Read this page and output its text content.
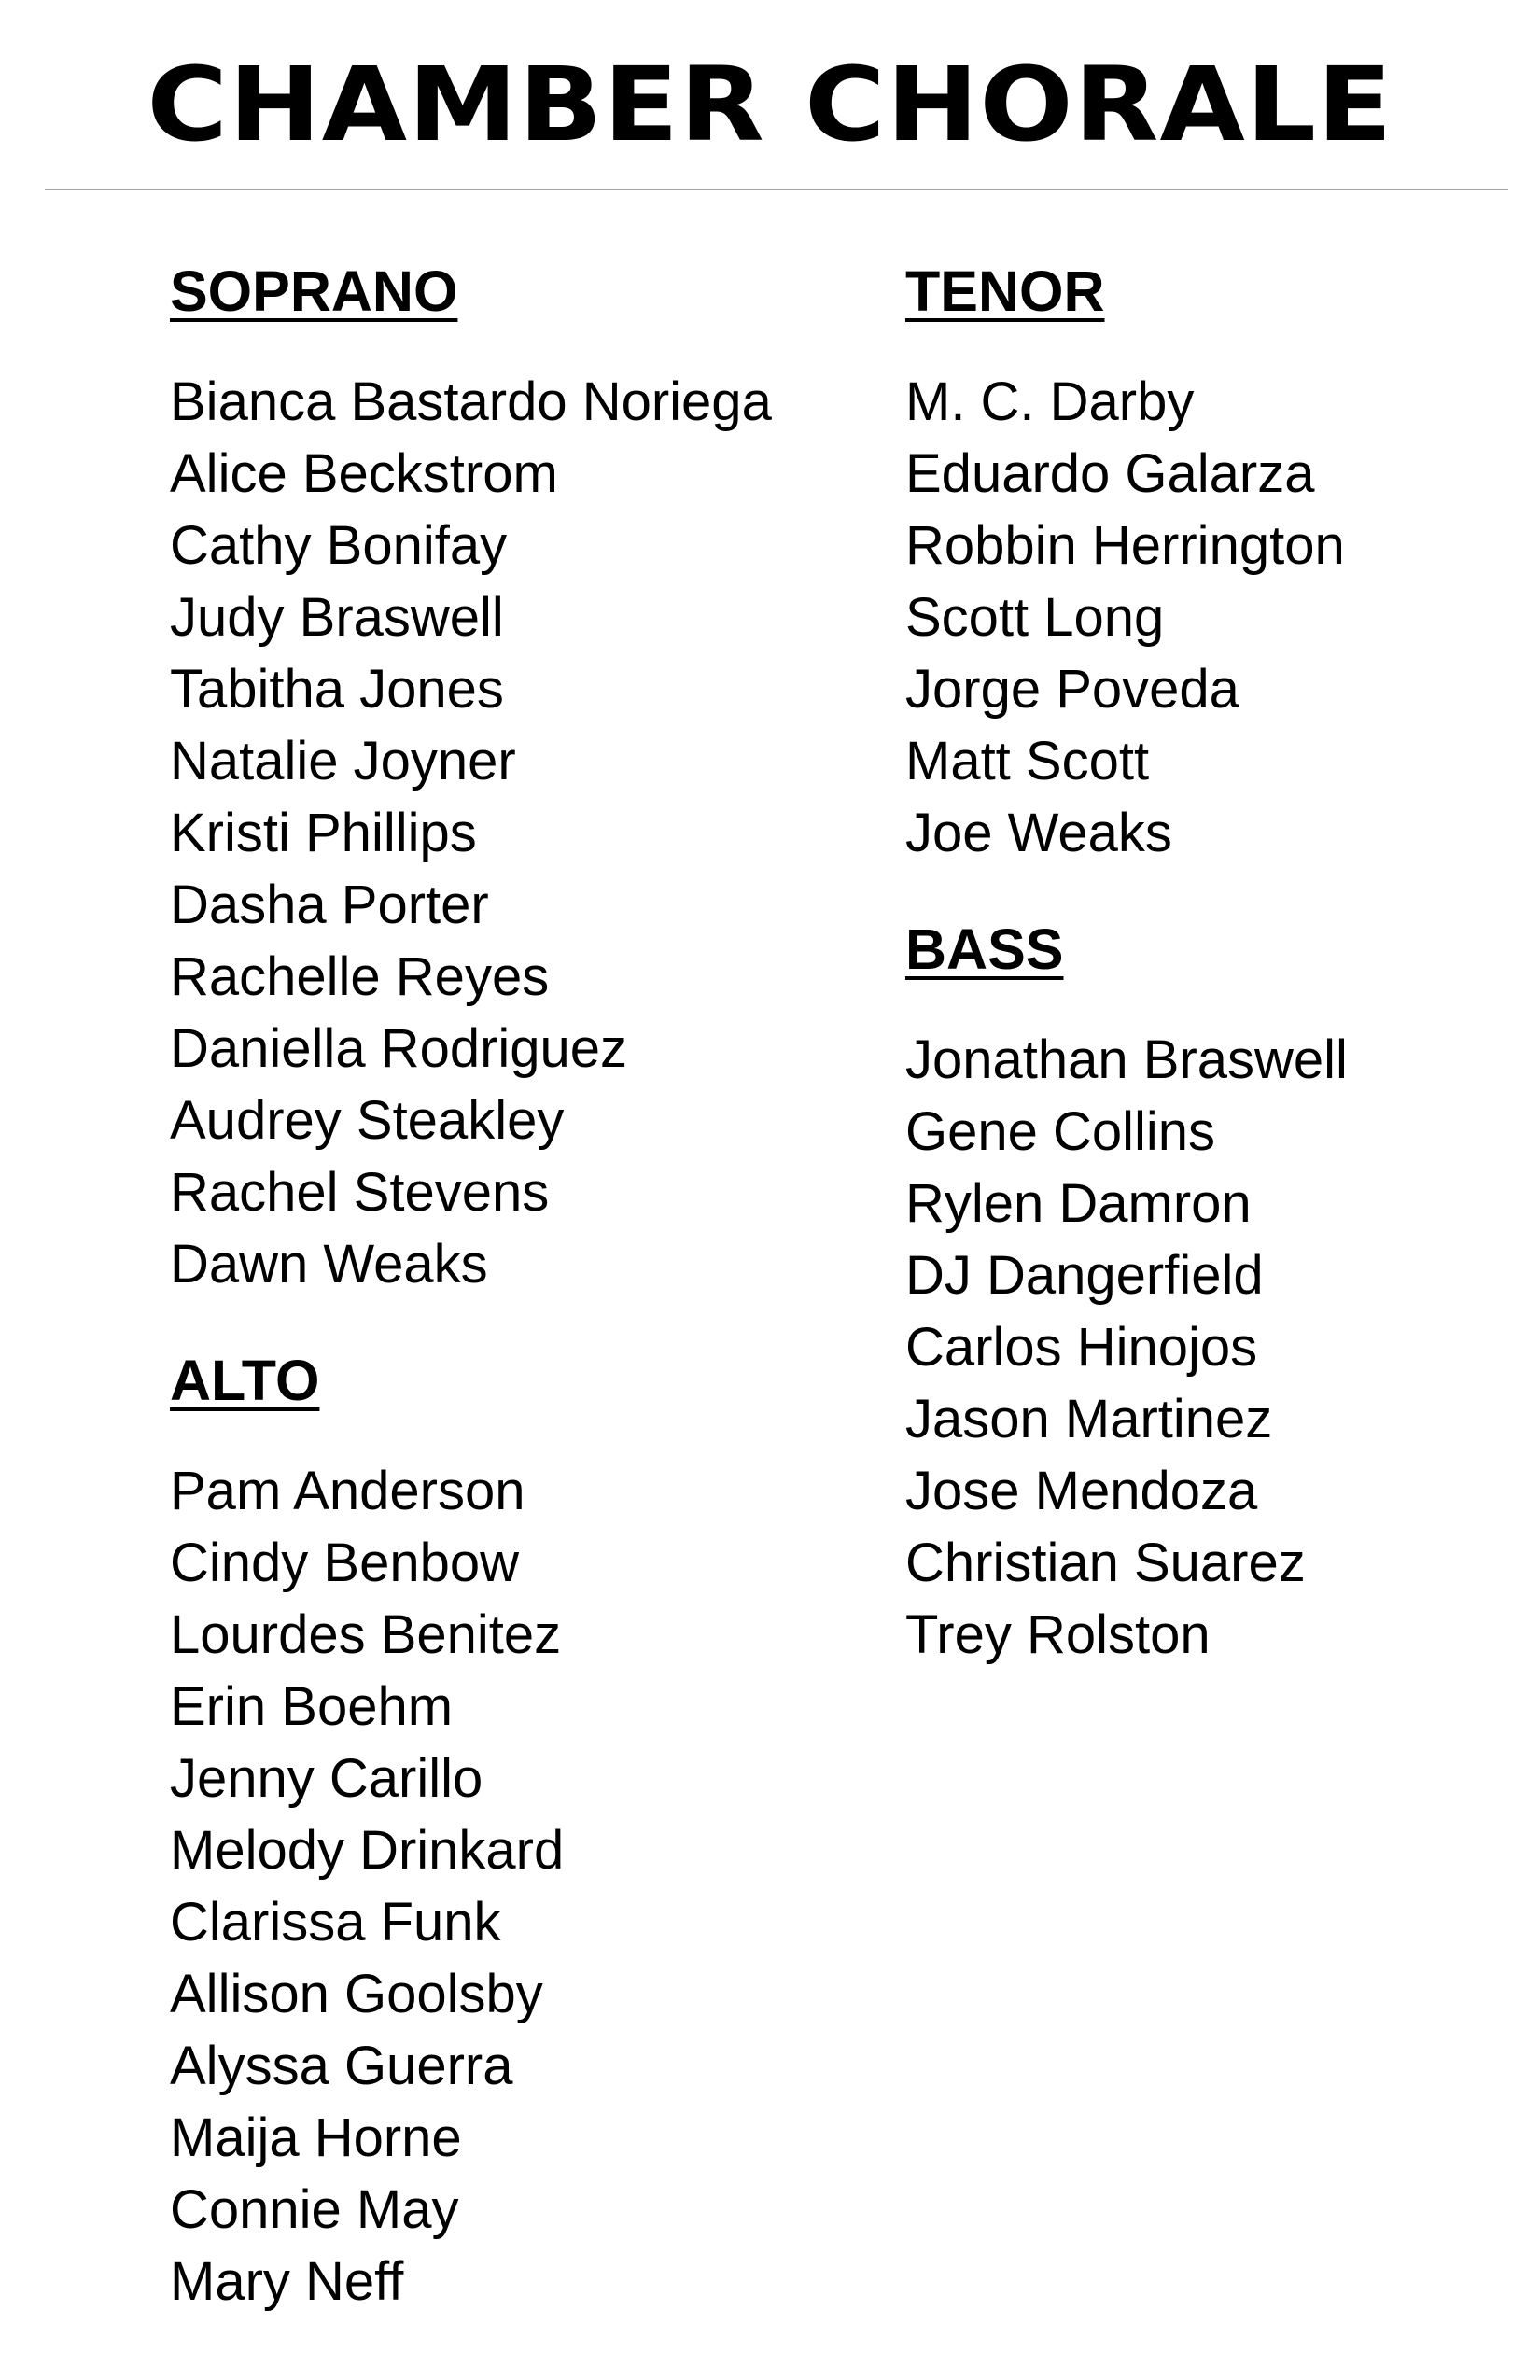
CHAMBER CHORALE
SOPRANO
Bianca Bastardo Noriega
Alice Beckstrom
Cathy Bonifay
Judy Braswell
Tabitha Jones
Natalie Joyner
Kristi Phillips
Dasha Porter
Rachelle Reyes
Daniella Rodriguez
Audrey Steakley
Rachel Stevens
Dawn Weaks
ALTO
Pam Anderson
Cindy Benbow
Lourdes Benitez
Erin Boehm
Jenny Carillo
Melody Drinkard
Clarissa Funk
Allison Goolsby
Alyssa Guerra
Maija Horne
Connie May
Mary Neff
TENOR
M. C. Darby
Eduardo Galarza
Robbin Herrington
Scott Long
Jorge Poveda
Matt Scott
Joe Weaks
BASS
Jonathan Braswell
Gene Collins
Rylen Damron
DJ Dangerfield
Carlos Hinojos
Jason Martinez
Jose Mendoza
Christian Suarez
Trey Rolston
